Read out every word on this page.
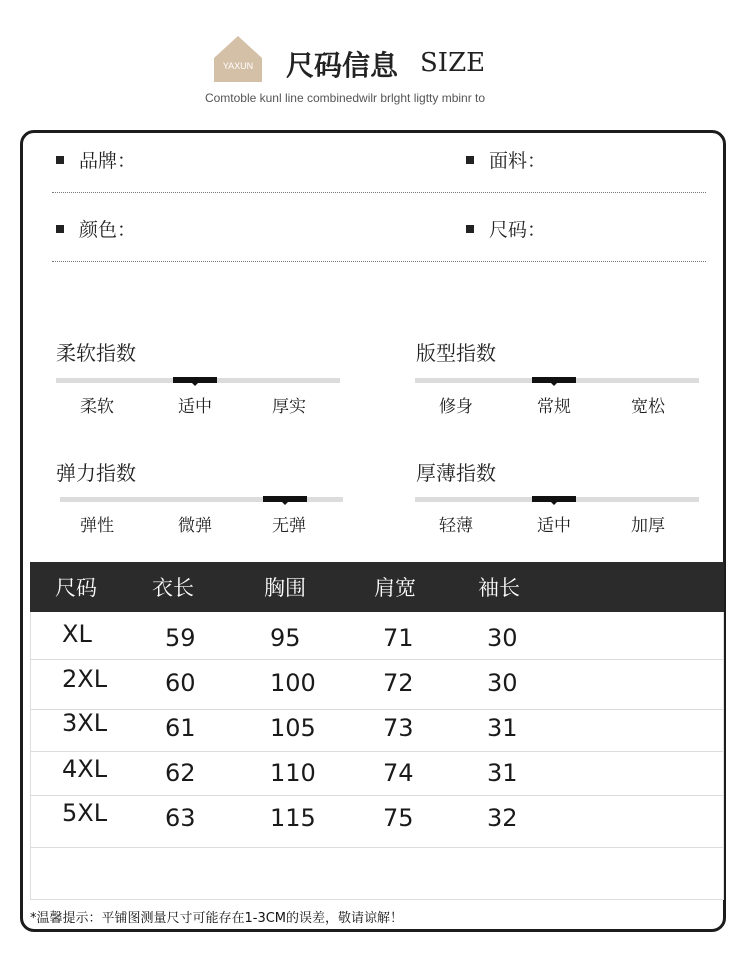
YAXUN 尺码信息 SIZE
Comtoble kunl line combinedwilr brlght ligtty mbinr to
品牌：	面料：
颜色：	尺码：
柔软指数
柔软	适中	厚实
版型指数
修身	常规	宽松
弹力指数
弹性	微弹	无弹
厚薄指数
轻薄	适中	加厚
尺码	衣长	胸围	肩宽	袖长
XL	59	95	71	30
2XL 60	100	72	30
3XL 61	105	73	31
4XL 62	110	74	31
5XL 63	115	75	32
*温馨提示：平铺图测量尺寸可能存在1-3CM的误差，敬请谅解！
